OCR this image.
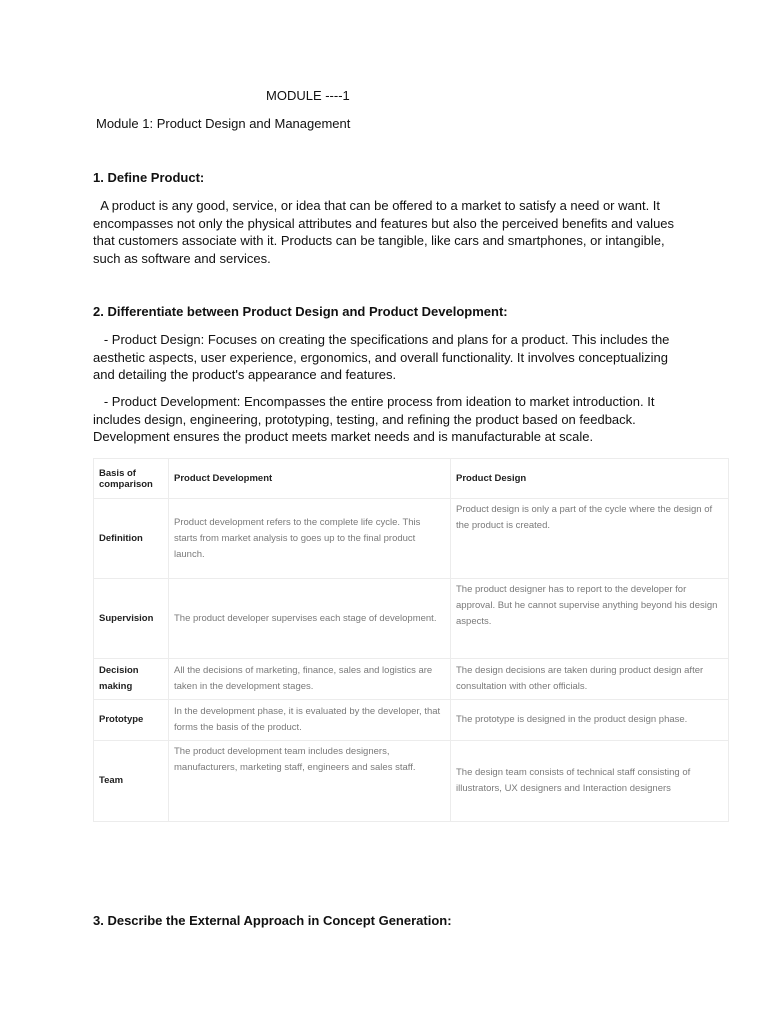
MODULE ----1

Module 1: Product Design and Management

1. Define Product:

A product is any good, service, or idea that can be offered to a market to satisfy a need or want. It encompasses not only the physical attributes and features but also the perceived benefits and values that customers associate with it. Products can be tangible, like cars and smartphones, or intangible, such as software and services.

2. Differentiate between Product Design and Product Development:

- Product Design: Focuses on creating the specifications and plans for a product. This includes the aesthetic aspects, user experience, ergonomics, and overall functionality. It involves conceptualizing and detailing the product's appearance and features.

- Product Development: Encompasses the entire process from ideation to market introduction. It includes design, engineering, prototyping, testing, and refining the product based on feedback. Development ensures the product meets market needs and is manufacturable at scale.

Basis of comparison	Product Development	Product Design
Definition	Product development refers to the complete life cycle. This starts from market analysis to goes up to the final product launch.	Product design is only a part of the cycle where the design of the product is created.
Supervision	The product developer supervises each stage of development.	The product designer has to report to the developer for approval. But he cannot supervise anything beyond his design aspects.
Decision making	All the decisions of marketing, finance, sales and logistics are taken in the development stages.	The design decisions are taken during product design after consultation with other officials.
Prototype	In the development phase, it is evaluated by the developer, that forms the basis of the product.	The prototype is designed in the product design phase.
Team	The product development team includes designers, manufacturers, marketing staff, engineers and sales staff.	The design team consists of technical staff consisting of illustrators, UX designers and Interaction designers

3. Describe the External Approach in Concept Generation:
